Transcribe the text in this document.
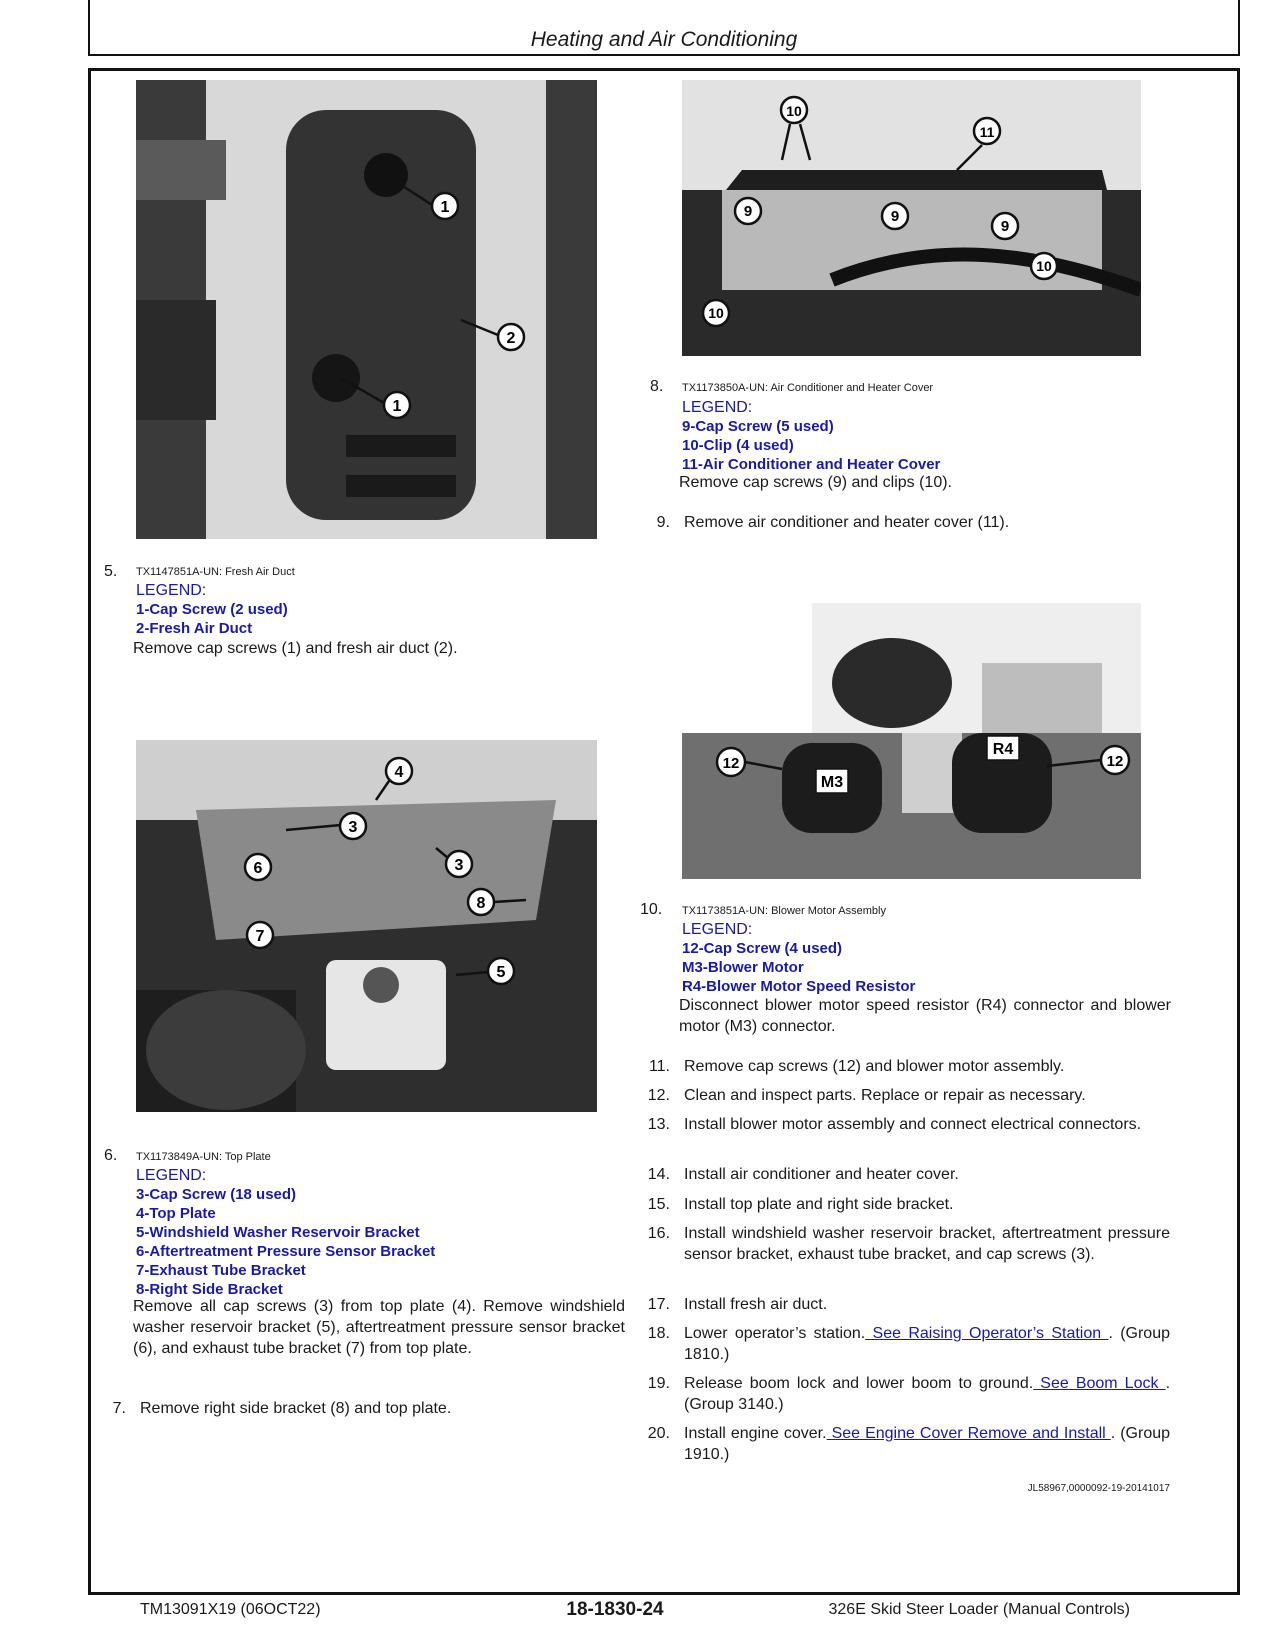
Heating and Air Conditioning
1
2
1
5. TX1147851A-UN: Fresh Air Duct
LEGEND:
1-Cap Screw (2 used)
2-Fresh Air Duct
Remove cap screws (1) and fresh air duct (2).
4
3
3
6
8
7
5
6. TX1173849A-UN: Top Plate
LEGEND:
3-Cap Screw (18 used)
4-Top Plate
5-Windshield Washer Reservoir Bracket
6-Aftertreatment Pressure Sensor Bracket
7-Exhaust Tube Bracket
8-Right Side Bracket
Remove all cap screws (3) from top plate (4). Remove windshield washer reservoir bracket (5), aftertreatment pressure sensor bracket (6), and exhaust tube bracket (7) from top plate.
7. Remove right side bracket (8) and top plate.
10
11
9	9
9
10
10
8. TX1173850A-UN: Air Conditioner and Heater Cover
LEGEND:
9-Cap Screw (5 used)
10-Clip (4 used)
11-Air Conditioner and Heater Cover
Remove cap screws (9) and clips (10).
9. Remove air conditioner and heater cover (11).
12	12
M3
R4
10. TX1173851A-UN: Blower Motor Assembly
LEGEND:
12-Cap Screw (4 used)
M3-Blower Motor
R4-Blower Motor Speed Resistor
Disconnect blower motor speed resistor (R4) connector and blower motor (M3) connector.
11. Remove cap screws (12) and blower motor assembly.
12. Clean and inspect parts. Replace or repair as necessary.
13. Install blower motor assembly and connect electrical connectors.
14. Install air conditioner and heater cover.
15. Install top plate and right side bracket.
16. Install windshield washer reservoir bracket, aftertreatment pressure sensor bracket, exhaust tube bracket, and cap screws (3).
17. Install fresh air duct.
18. Lower operator’s station. See Raising Operator’s Station . (Group 1810.)
19. Release boom lock and lower boom to ground. See Boom Lock . (Group 3140.)
20. Install engine cover. See Engine Cover Remove and Install . (Group 1910.)
JL58967,0000092-19-20141017
TM13091X19 (06OCT22)	18-1830-24	326E Skid Steer Loader (Manual Controls)
